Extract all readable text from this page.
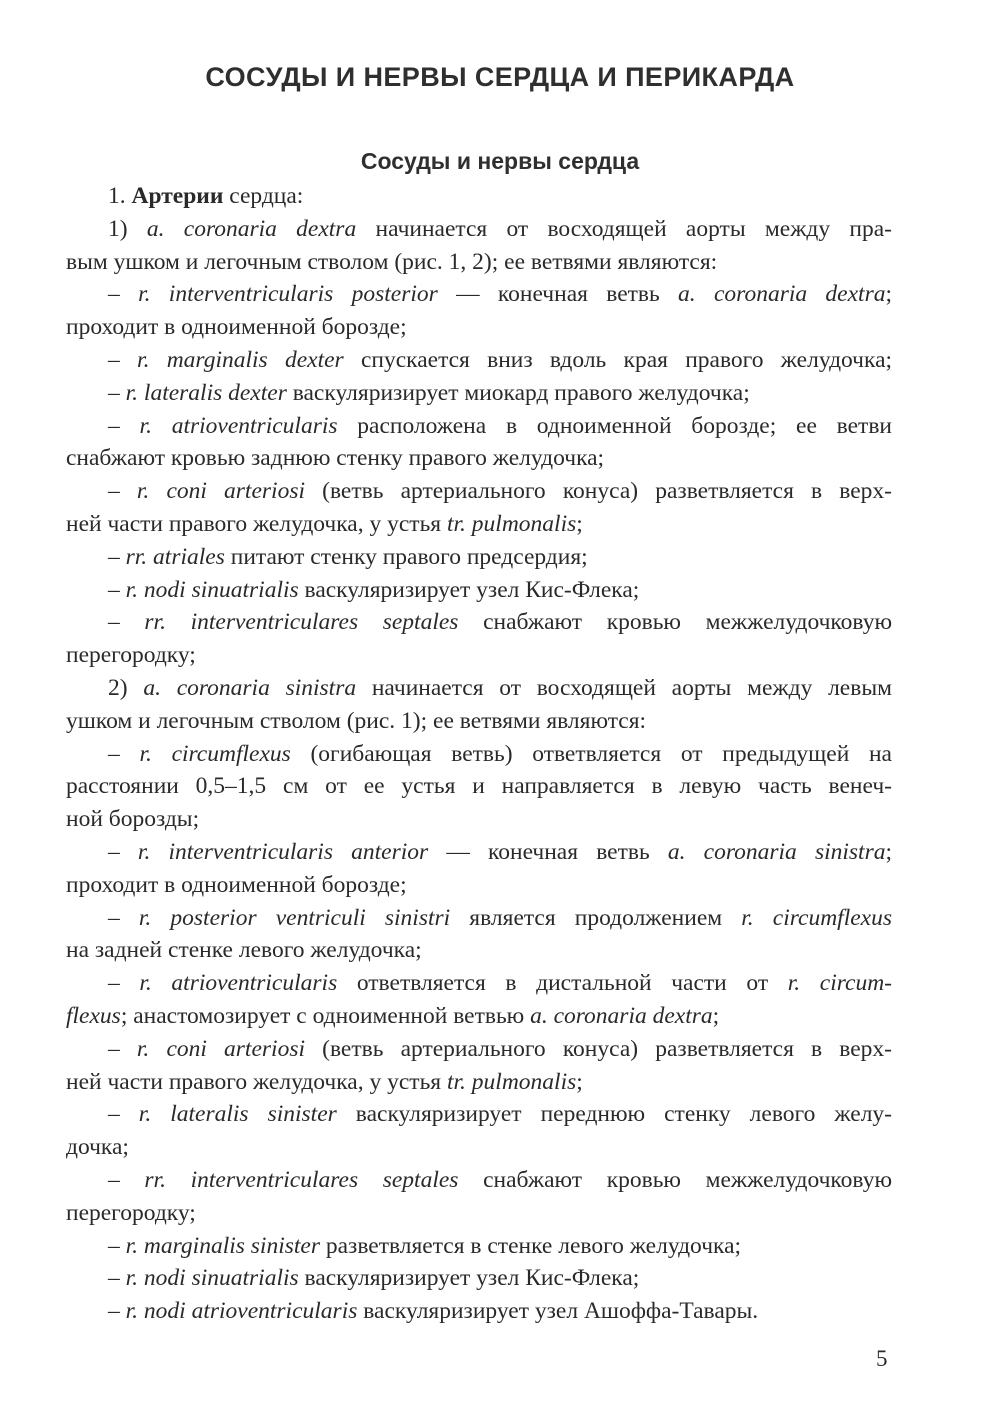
СОСУДЫ И НЕРВЫ СЕРДЦА И ПЕРИКАРДА
Сосуды и нервы сердца
1. Артерии сердца:
1) a. coronaria dextra начинается от восходящей аорты между пра-
вым ушком и легочным стволом (рис. 1, 2); ее ветвями являются:
– r. interventricularis posterior — конечная ветвь a. coronaria dextra;
проходит в одноименной борозде;
– r. marginalis dexter спускается вниз вдоль края правого желудочка;
– r. lateralis dexter васкуляризирует миокард правого желудочка;
– r. atrioventricularis расположена в одноименной борозде; ее ветви
снабжают кровью заднюю стенку правого желудочка;
– r. coni arteriosi (ветвь артериального конуса) разветвляется в верх-
ней части правого желудочка, у устья tr. pulmonalis;
– rr. atriales питают стенку правого предсердия;
– r. nodi sinuatrialis васкуляризирует узел Кис-Флека;
– rr. interventriculares septales снабжают кровью межжелудочковую
перегородку;
2) a. coronaria sinistra начинается от восходящей аорты между левым
ушком и легочным стволом (рис. 1); ее ветвями являются:
– r. circumflexus (огибающая ветвь) ответвляется от предыдущей на
расстоянии 0,5–1,5 см от ее устья и направляется в левую часть венеч-
ной борозды;
– r. interventricularis anterior — конечная ветвь a. coronaria sinistra;
проходит в одноименной борозде;
– r. posterior ventriculi sinistri является продолжением r. circumflexus
на задней стенке левого желудочка;
– r. atrioventricularis ответвляется в дистальной части от r. circum-
flexus; анастомозирует с одноименной ветвью a. coronaria dextra;
– r. coni arteriosi (ветвь артериального конуса) разветвляется в верх-
ней части правого желудочка, у устья tr. pulmonalis;
– r. lateralis sinister васкуляризирует переднюю стенку левого желу-
дочка;
– rr. interventriculares septales снабжают кровью межжелудочковую
перегородку;
– r. marginalis sinister разветвляется в стенке левого желудочка;
– r. nodi sinuatrialis васкуляризирует узел Кис-Флека;
– r. nodi atrioventricularis васкуляризирует узел Ашоффа-Тавары.
5
